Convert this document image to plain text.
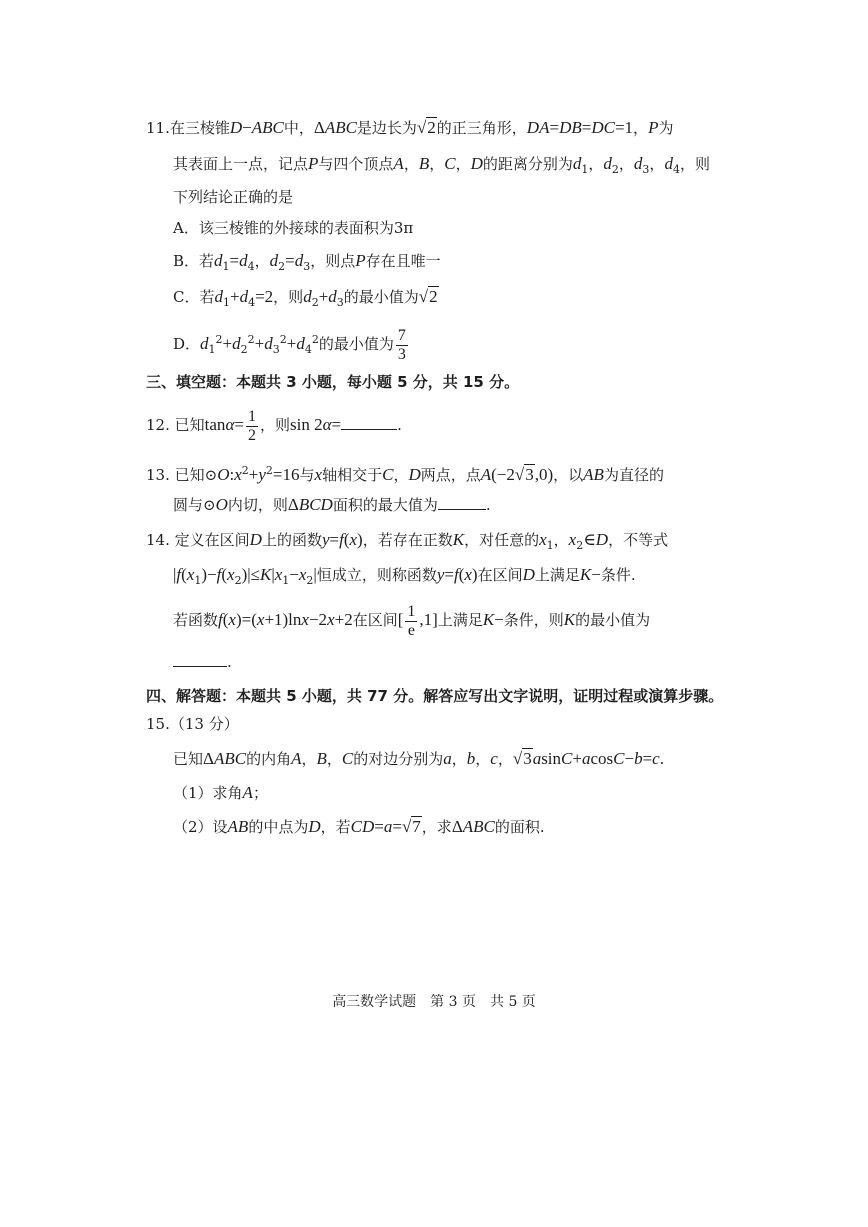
11.在三棱锥D−ABC中，ΔABC是边长为√2的正三角形，DA=DB=DC=1，P为
其表面上一点，记点P与四个顶点A，B，C，D的距离分别为$d_1$，$d_2$，$d_3$，$d_4$，则
下列结论正确的是
A．该三棱锥的外接球的表面积为3π
B．若$d_1=d_4$，$d_2=d_3$，则点P存在且唯一
C．若$d_1+d_4=2$，则$d_2+d_3$的最小值为√2
D．$d_1^2+d_2^2+d_3^2+d_4^2$的最小值为 $\frac{7}{3}$
三、填空题：本题共 3 小题，每小题 5 分，共 15 分。
12. 已知$\tan\alpha= \frac{1}{2}$ ，则sin 2α=	.
13. 已知$⊙O:x^2+y^2=16$与x轴相交于C，D两点，点A(−2√3,0)，以AB为直径的
圆与⊙O内切，则ΔBCD面积的最大值为	.
14. 定义在区间D上的函数y=f(x)，若存在正数K，对任意的$x_1$，$x_2\in D$，不等式
$|f(x_1)-f(x_2)|\le K|x_1-x_2|$恒成立，则称函数y=f(x)在区间D上满足K−条件.
若函数f(x)=(x+1)lnx−2x+2在区间[ $\frac{1}{e} ,1$]上满足K−条件，则K的最小值为
.
四、解答题：本题共 5 小题，共 77 分。解答应写出文字说明，证明过程或演算步骤。
15.（13 分）
已知ΔABC的内角A，B，C的对边分别为a，b，c，√3asinC+acosC−b=c.
（1）求角A；
（2）设AB的中点为D，若CD=a=√7，求ΔABC的面积.
高三数学试题　第 3 页　共 5 页
